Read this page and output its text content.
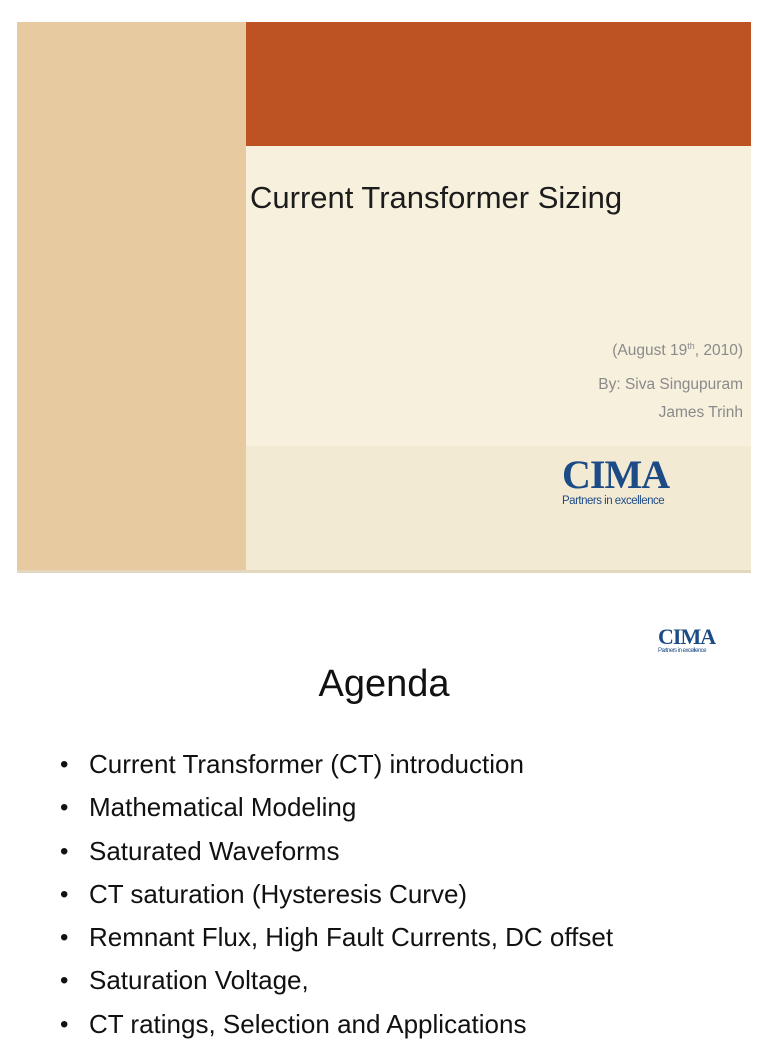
Current Transformer Sizing
(August 19th, 2010)
By: Siva Singupuram
James Trinh
CIMA
Partners in excellence
CIMA
Partners in excellence
Agenda
• Current Transformer (CT) introduction
• Mathematical Modeling
• Saturated Waveforms
• CT saturation (Hysteresis Curve)
• Remnant Flux, High Fault Currents, DC offset
• Saturation Voltage,
• CT ratings, Selection and Applications
